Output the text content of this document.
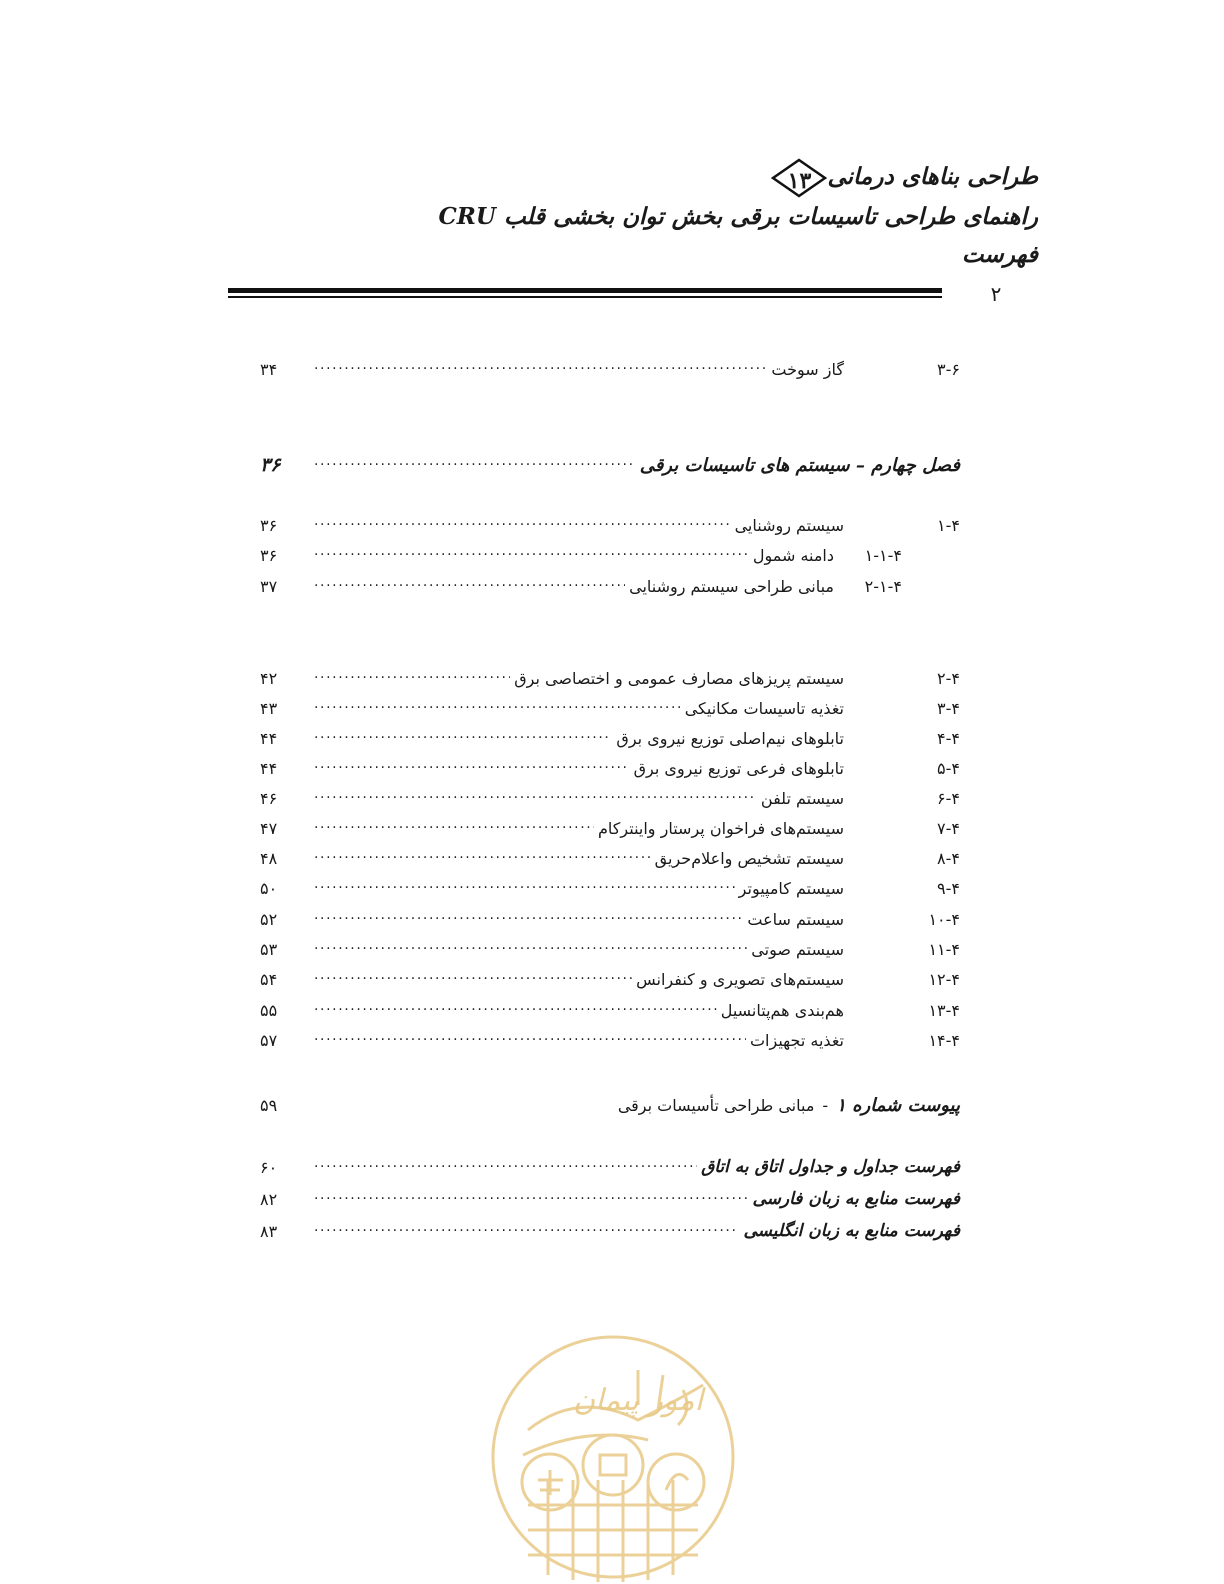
طراحی بناهای درمانی
۱۳
راهنمای طراحی تاسیسات برقی بخش توان بخشی قلب CRU
فهرست
۲
۳-۶
گاز سوخت
·····
۳۴
فصل چهارم – سیستم های تاسیسات برقی
·····
۳۶
۱-۴
سیستم روشنایی
·····
۳۶
۱-۱-۴
دامنه شمول
·····
۳۶
۲-۱-۴
مبانی طراحی سیستم روشنایی
·····
۳۷
۲-۴
سیستم پریزهای مصارف عمومی و اختصاصی برق
·····
۴۲
۳-۴
تغذیه تاسیسات مکانیکی
·····
۴۳
۴-۴
تابلوهای نیم‌اصلی توزیع نیروی برق
·····
۴۴
۵-۴
تابلوهای فرعی توزیع نیروی برق
·····
۴۴
۶-۴
سیستم تلفن
·····
۴۶
۷-۴
سیستم‌های فراخوان پرستار واینترکام
·····
۴۷
۸-۴
سیستم تشخیص واعلام‌حریق
·····
۴۸
۹-۴
سیستم کامپیوتر
·····
۵۰
۱۰-۴
سیستم ساعت
·····
۵۲
۱۱-۴
سیستم صوتی
·····
۵۳
۱۲-۴
سیستم‌های تصویری و کنفرانس
·····
۵۴
۱۳-۴
هم‌بندی هم‌پتانسیل
·····
۵۵
۱۴-۴
تغذیه تجهیزات
·····
۵۷
پیوست شماره ۱
-
مبانی طراحی تأسیسات برقی
۵۹
فهرست جداول و جداول اتاق به اتاق
·····
۶۰
فهرست منابع به زبان فارسی
·····
۸۲
فهرست منابع به زبان انگلیسی
·····
۸۳
امور پیمان
